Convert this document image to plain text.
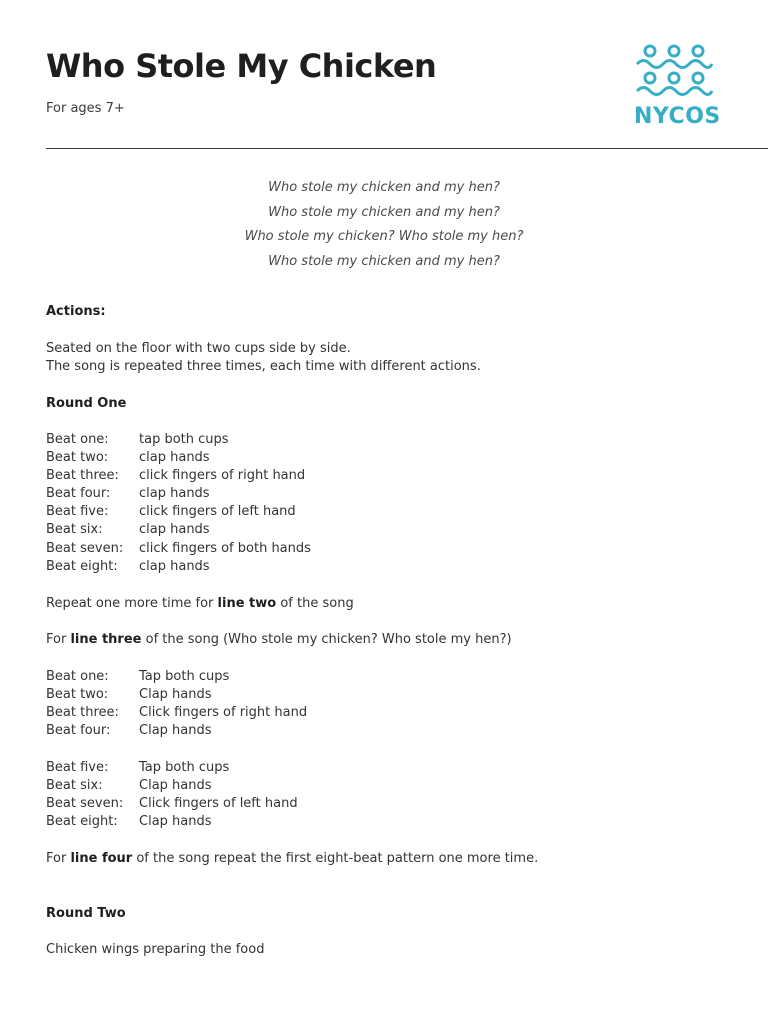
Who Stole My Chicken
For ages 7+	NYCOS
Who stole my chicken and my hen?
Who stole my chicken and my hen?
Who stole my chicken? Who stole my hen?
Who stole my chicken and my hen?
Actions:
Seated on the floor with two cups side by side.
The song is repeated three times, each time with different actions.
Round One
Beat one: tap both cups
Beat two: clap hands
Beat three: click fingers of right hand
Beat four: clap hands
Beat five: click fingers of left hand
Beat six:	clap hands
Beat seven: click fingers of both hands
Beat eight: clap hands
Repeat one more time for line two of the song
For line three of the song (Who stole my chicken? Who stole my hen?)
Beat one: Tap both cups
Beat two: Clap hands
Beat three: Click fingers of right hand
Beat four: Clap hands
Beat five: Tap both cups
Beat six:	Clap hands
Beat seven: Click fingers of left hand
Beat eight: Clap hands
For line four of the song repeat the first eight-beat pattern one more time.
Round Two
Chicken wings preparing the food
